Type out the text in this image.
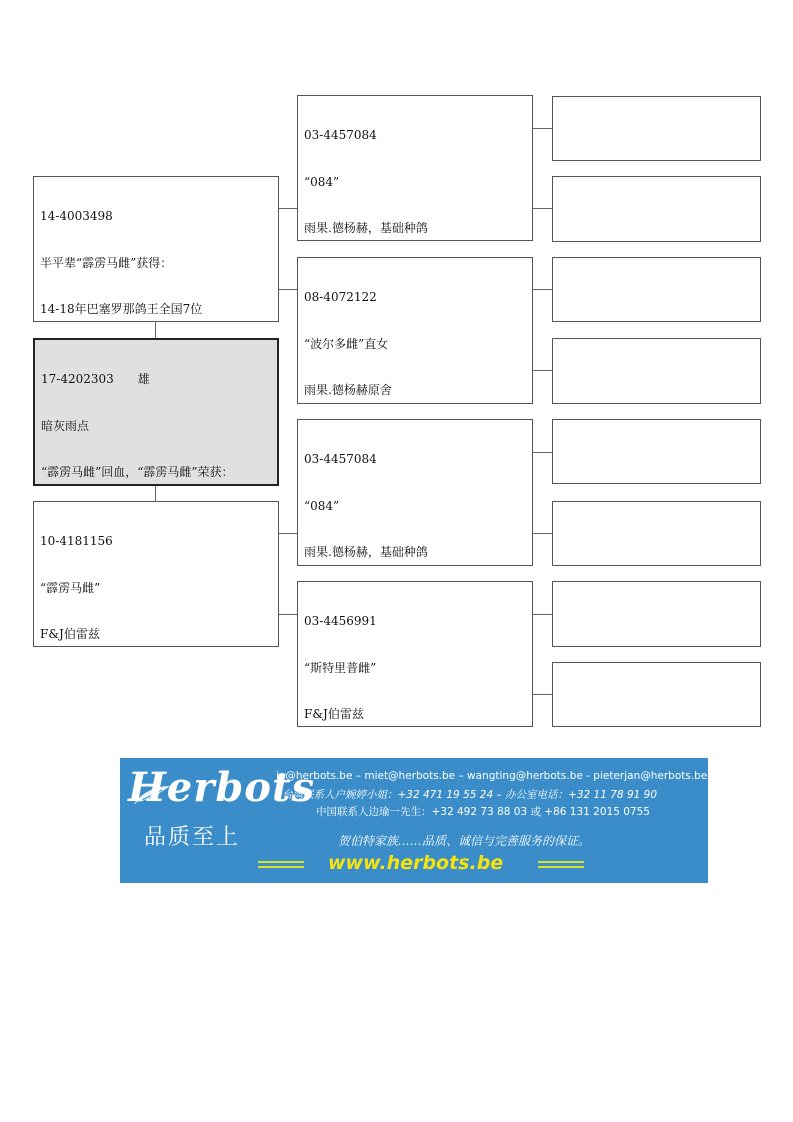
14-4003498

半平辈“霹雳马雌”获得：

14-18年巴塞罗那鸽王全国7位

17-4202303　　雄

暗灰雨点

“霹雳马雌”回血，“霹雳马雌”荣获：

10-4181156

“霹雳马雌”

F&J伯雷兹

03-4457084

“084”

雨果.德杨赫，基础种鸽

08-4072122

“波尔多雌”直女

雨果.德杨赫原舍

03-4457084

“084”

雨果.德杨赫，基础种鸽

03-4456991

“斯特里普雌”

F&J伯雷兹

Herbots
品质至上
jo@herbots.be – miet@herbots.be – wangting@herbots.be - pieterjan@herbots.be
台湾联系人户婉婷小姐：+32 471 19 55 24 – 办公室电话：+32 11 78 91 90
中国联系人边瑜一先生：+32 492 73 88 03 或 +86 131 2015 0755
贺伯特家族……品质、诚信与完善服务的保证。
www.herbots.be
